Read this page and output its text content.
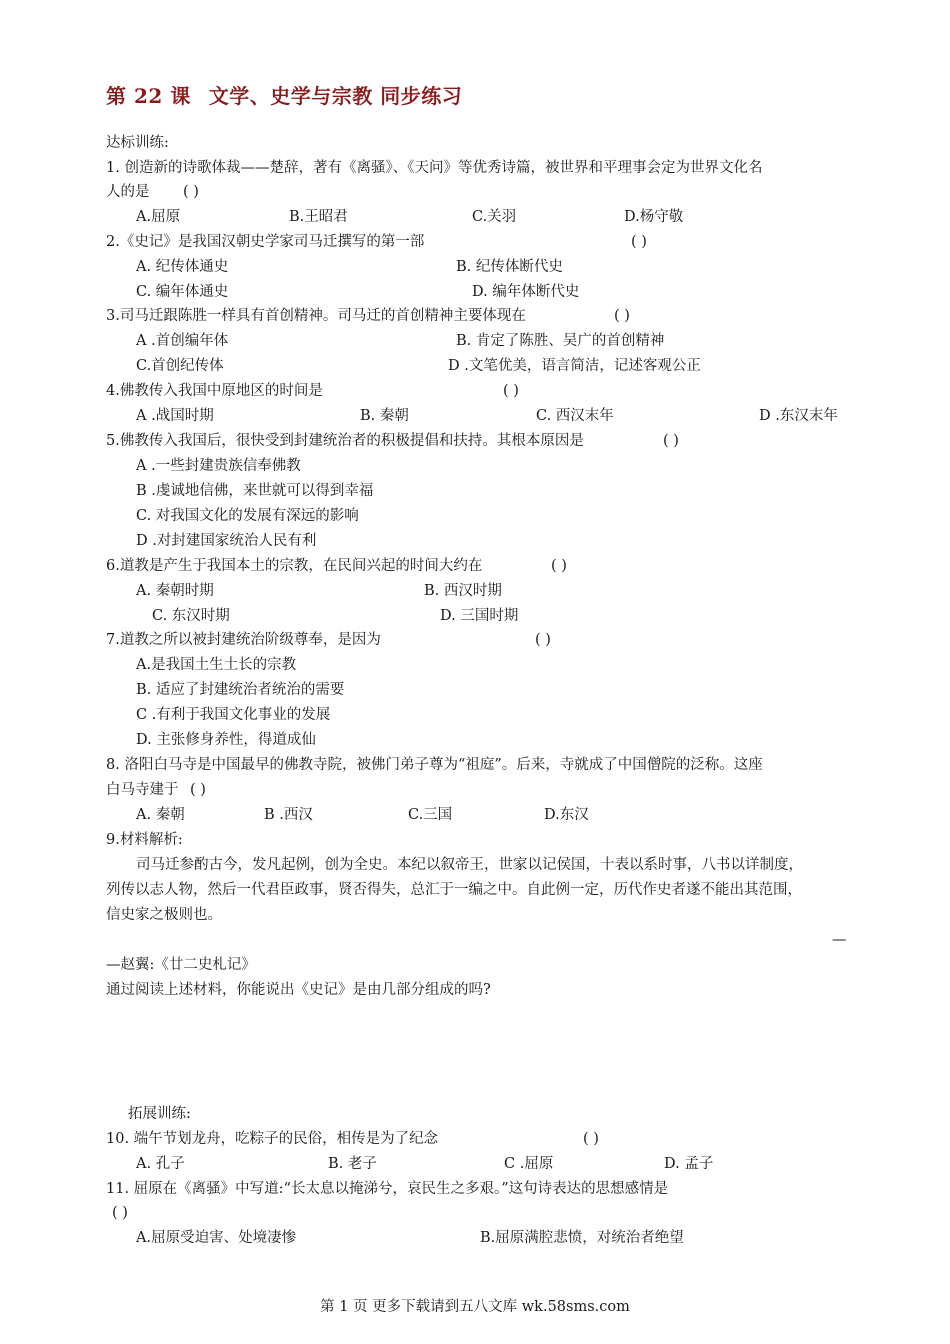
第 22 课 文学、史学与宗教 同步练习
达标训练:
1. 创造新的诗歌体裁——楚辞，著有《离骚》、《天问》等优秀诗篇，被世界和平理事会定为世界文化名
人的是 ( )
A.屈原	B.王昭君	C.关羽	D.杨守敬
2.《史记》是我国汉朝史学家司马迁撰写的第一部	( )
A. 纪传体通史	B. 纪传体断代史
C. 编年体通史	D. 编年体断代史
3.司马迁跟陈胜一样具有首创精神。司马迁的首创精神主要体现在	( )
A .首创编年体	B. 肯定了陈胜、吴广的首创精神
C.首创纪传体	D .文笔优美，语言简洁，记述客观公正
4.佛教传入我国中原地区的时间是	( )
A .战国时期	B. 秦朝	C. 西汉末年	D .东汉末年
5.佛教传入我国后，很快受到封建统治者的积极提倡和扶持。其根本原因是	( )
A .一些封建贵族信奉佛教
B .虔诚地信佛，来世就可以得到幸福
C. 对我国文化的发展有深远的影响
D .对封建国家统治人民有利
6.道教是产生于我国本土的宗教，在民间兴起的时间大约在	( )
A. 秦朝时期	B. 西汉时期
C. 东汉时期	D. 三国时期
7.道教之所以被封建统治阶级尊奉，是因为	( )
A.是我国土生土长的宗教
B. 适应了封建统治者统治的需要
C .有利于我国文化事业的发展
D. 主张修身养性，得道成仙
8. 洛阳白马寺是中国最早的佛教寺院，被佛门弟子尊为“祖庭”。后来，寺就成了中国僧院的泛称。这座
白马寺建于 ( )
A. 秦朝	B .西汉	C.三国	D.东汉
9.材料解析:
司马迁参酌古今，发凡起例，创为全史。本纪以叙帝王，世家以记侯国，十表以系时事，八书以详制度，
列传以志人物，然后一代君臣政事，贤否得失，总汇于一编之中。自此例一定，历代作史者遂不能出其范围，
信史家之极则也。
—
—赵翼:《廿二史札记》
通过阅读上述材料，你能说出《史记》是由几部分组成的吗?
拓展训练:
10. 端午节划龙舟，吃粽子的民俗，相传是为了纪念	( )
A. 孔子	B. 老子	C .屈原	D. 孟子
11. 屈原在《离骚》中写道:“长太息以掩涕兮，哀民生之多艰。”这句诗表达的思想感情是
( )
A.屈原受迫害、处境凄惨	B.屈原满腔悲愤，对统治者绝望
第 1 页 更多下载请到五八文库 wk.58sms.com
